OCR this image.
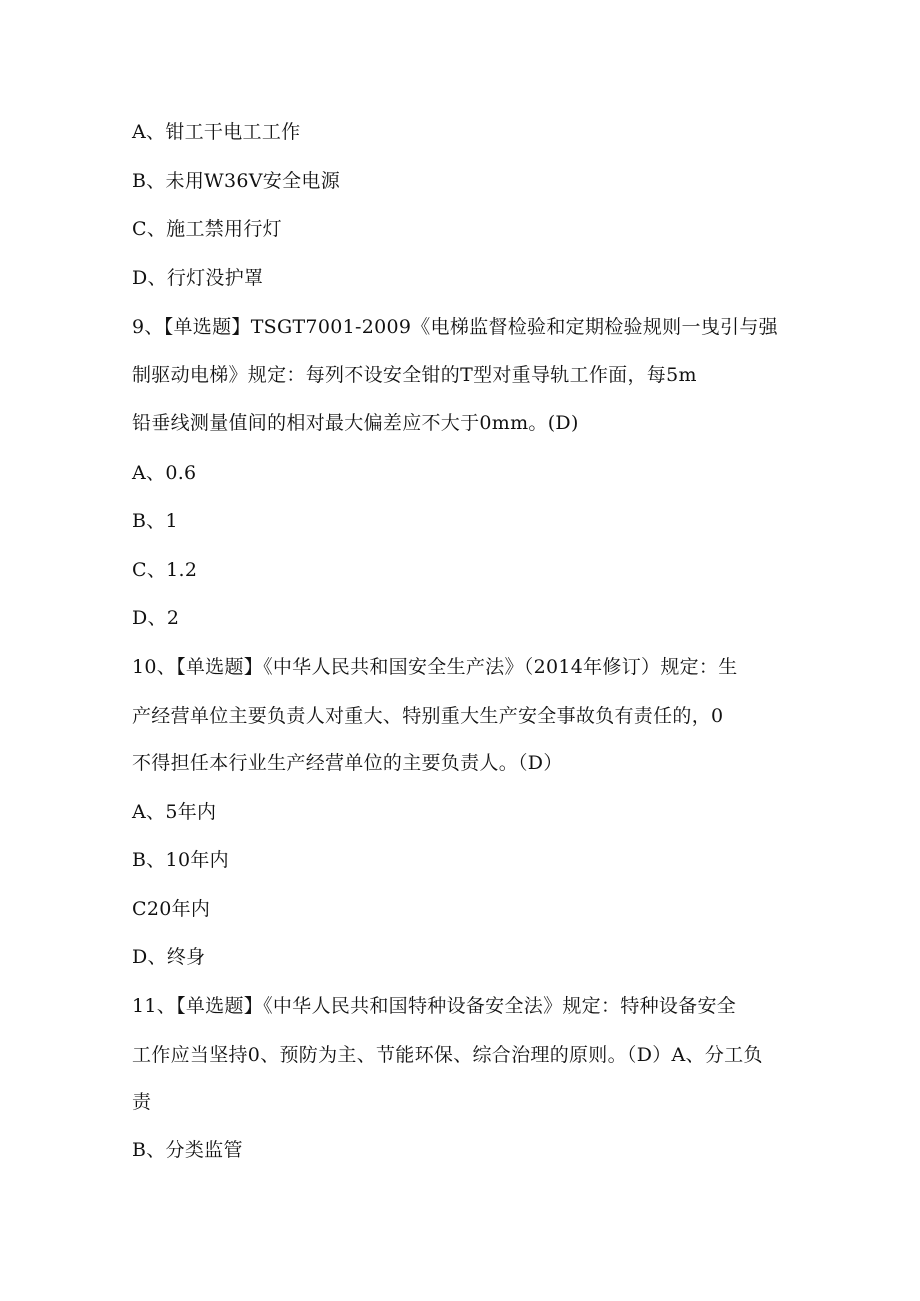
A、钳工干电工工作
B、未用W36V安全电源
C、施工禁用行灯
D、行灯没护罩
9、【单选题】TSGT7001-2009《电梯监督检验和定期检验规则一曳引与强
制驱动电梯》规定：每列不设安全钳的T型对重导轨工作面，每5m
铅垂线测量值间的相对最大偏差应不大于0mm。(D)
A、0.6
B、1
C、1.2
D、2
10、【单选题】《中华人民共和国安全生产法》（2014年修订）规定：生
产经营单位主要负责人对重大、特别重大生产安全事故负有责任的，0
不得担任本行业生产经营单位的主要负责人。（D）
A、5年内
B、10年内
C20年内
D、终身
11、【单选题】《中华人民共和国特种设备安全法》规定：特种设备安全
工作应当坚持0、预防为主、节能环保、综合治理的原则。（D）A、分工负
责
B、分类监管
